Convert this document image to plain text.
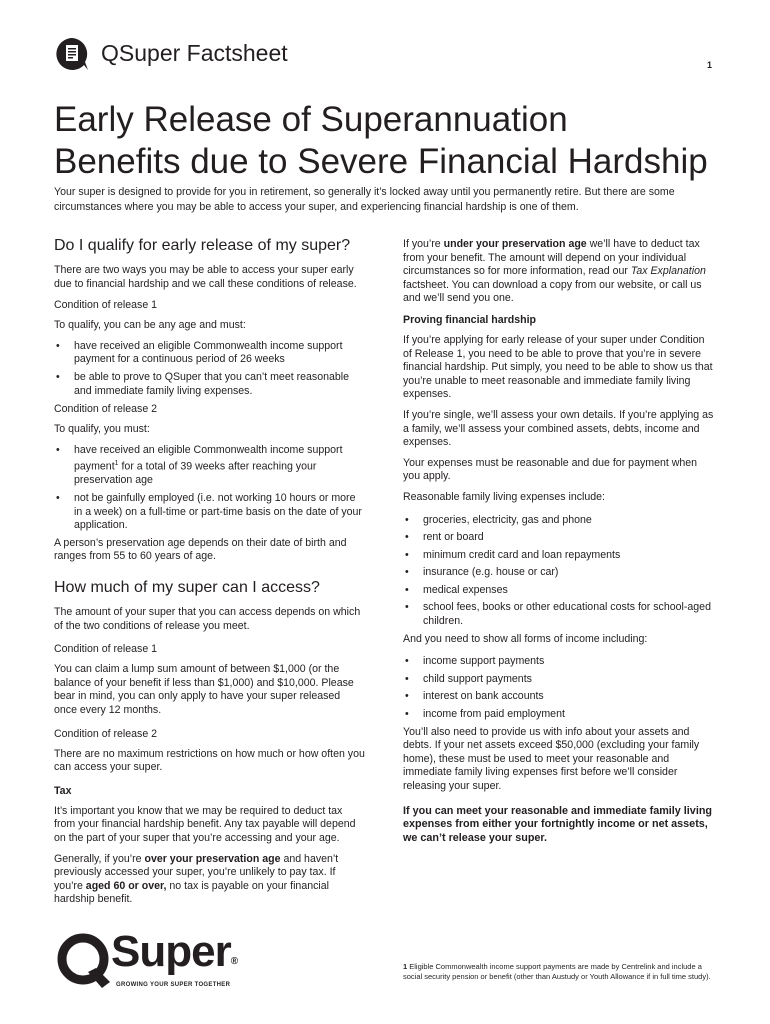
QSuper Factsheet	1
Early Release of Superannuation
Benefits due to Severe Financial Hardship
Your super is designed to provide for you in retirement, so generally it’s locked away until you permanently retire. But there are some circumstances where you may be able to access your super, and experiencing financial hardship is one of them.
Do I qualify for early release of my super?

There are two ways you may be able to access your super early due to financial hardship and we call these conditions of release.

Condition of release 1

To qualify, you can be any age and must:

• have received an eligible Commonwealth income support payment for a continuous period of 26 weeks
• be able to prove to QSuper that you can’t meet reasonable and immediate family living expenses.
Condition of release 2

To qualify, you must:

• have received an eligible Commonwealth income support payment$^1$ for a total of 39 weeks after reaching your preservation age
• not be gainfully employed (i.e. not working 10 hours or more in a week) on a full-time or part-time basis on the date of your application.

A person’s preservation age depends on their date of birth and ranges from 55 to 60 years of age.

How much of my super can I access?

The amount of your super that you can access depends on which of the two conditions of release you meet.

Condition of release 1

You can claim a lump sum amount of between $1,000 (or the balance of your benefit if less than $1,000) and $10,000. Please bear in mind, you can only apply to have your super released once every 12 months.

Condition of release 2

There are no maximum restrictions on how much or how often you can access your super.

Tax

It’s important you know that we may be required to deduct tax from your financial hardship benefit. Any tax payable will depend on the part of your super that you’re accessing and your age.

Generally, if you’re over your preservation age and haven’t previously accessed your super, you’re unlikely to pay tax. If you’re aged 60 or over, no tax is payable on your financial hardship benefit.

If you’re under your preservation age we’ll have to deduct tax from your benefit. The amount will depend on your individual circumstances so for more information, read our Tax Explanation factsheet. You can download a copy from our website, or call us and we’ll send you one.

Proving financial hardship

If you’re applying for early release of your super under Condition of Release 1, you need to be able to prove that you’re in severe financial hardship. Put simply, you need to be able to show us that you’re unable to meet reasonable and immediate family living expenses.

If you’re single, we’ll assess your own details. If you’re applying as a family, we’ll assess your combined assets, debts, income and expenses.

Your expenses must be reasonable and due for payment when you apply.

Reasonable family living expenses include:

• groceries, electricity, gas and phone
• rent or board
• minimum credit card and loan repayments
• insurance (e.g. house or car)
• medical expenses
• school fees, books or other educational costs for school-aged children.

And you need to show all forms of income including:

• income support payments
• child support payments
• interest on bank accounts
• income from paid employment

You’ll also need to provide us with info about your assets and debts. If your net assets exceed $50,000 (excluding your family home), these must be used to meet your reasonable and immediate family living expenses first before we’ll consider releasing your super.

If you can meet your reasonable and immediate family living expenses from either your fortnightly income or net assets, we can’t release your super.

Super®
GROWING YOUR SUPER TOGETHER
1 Eligible Commonwealth income support payments are made by Centrelink and include a social security pension or benefit (other than Austudy or Youth Allowance if in full time study).
